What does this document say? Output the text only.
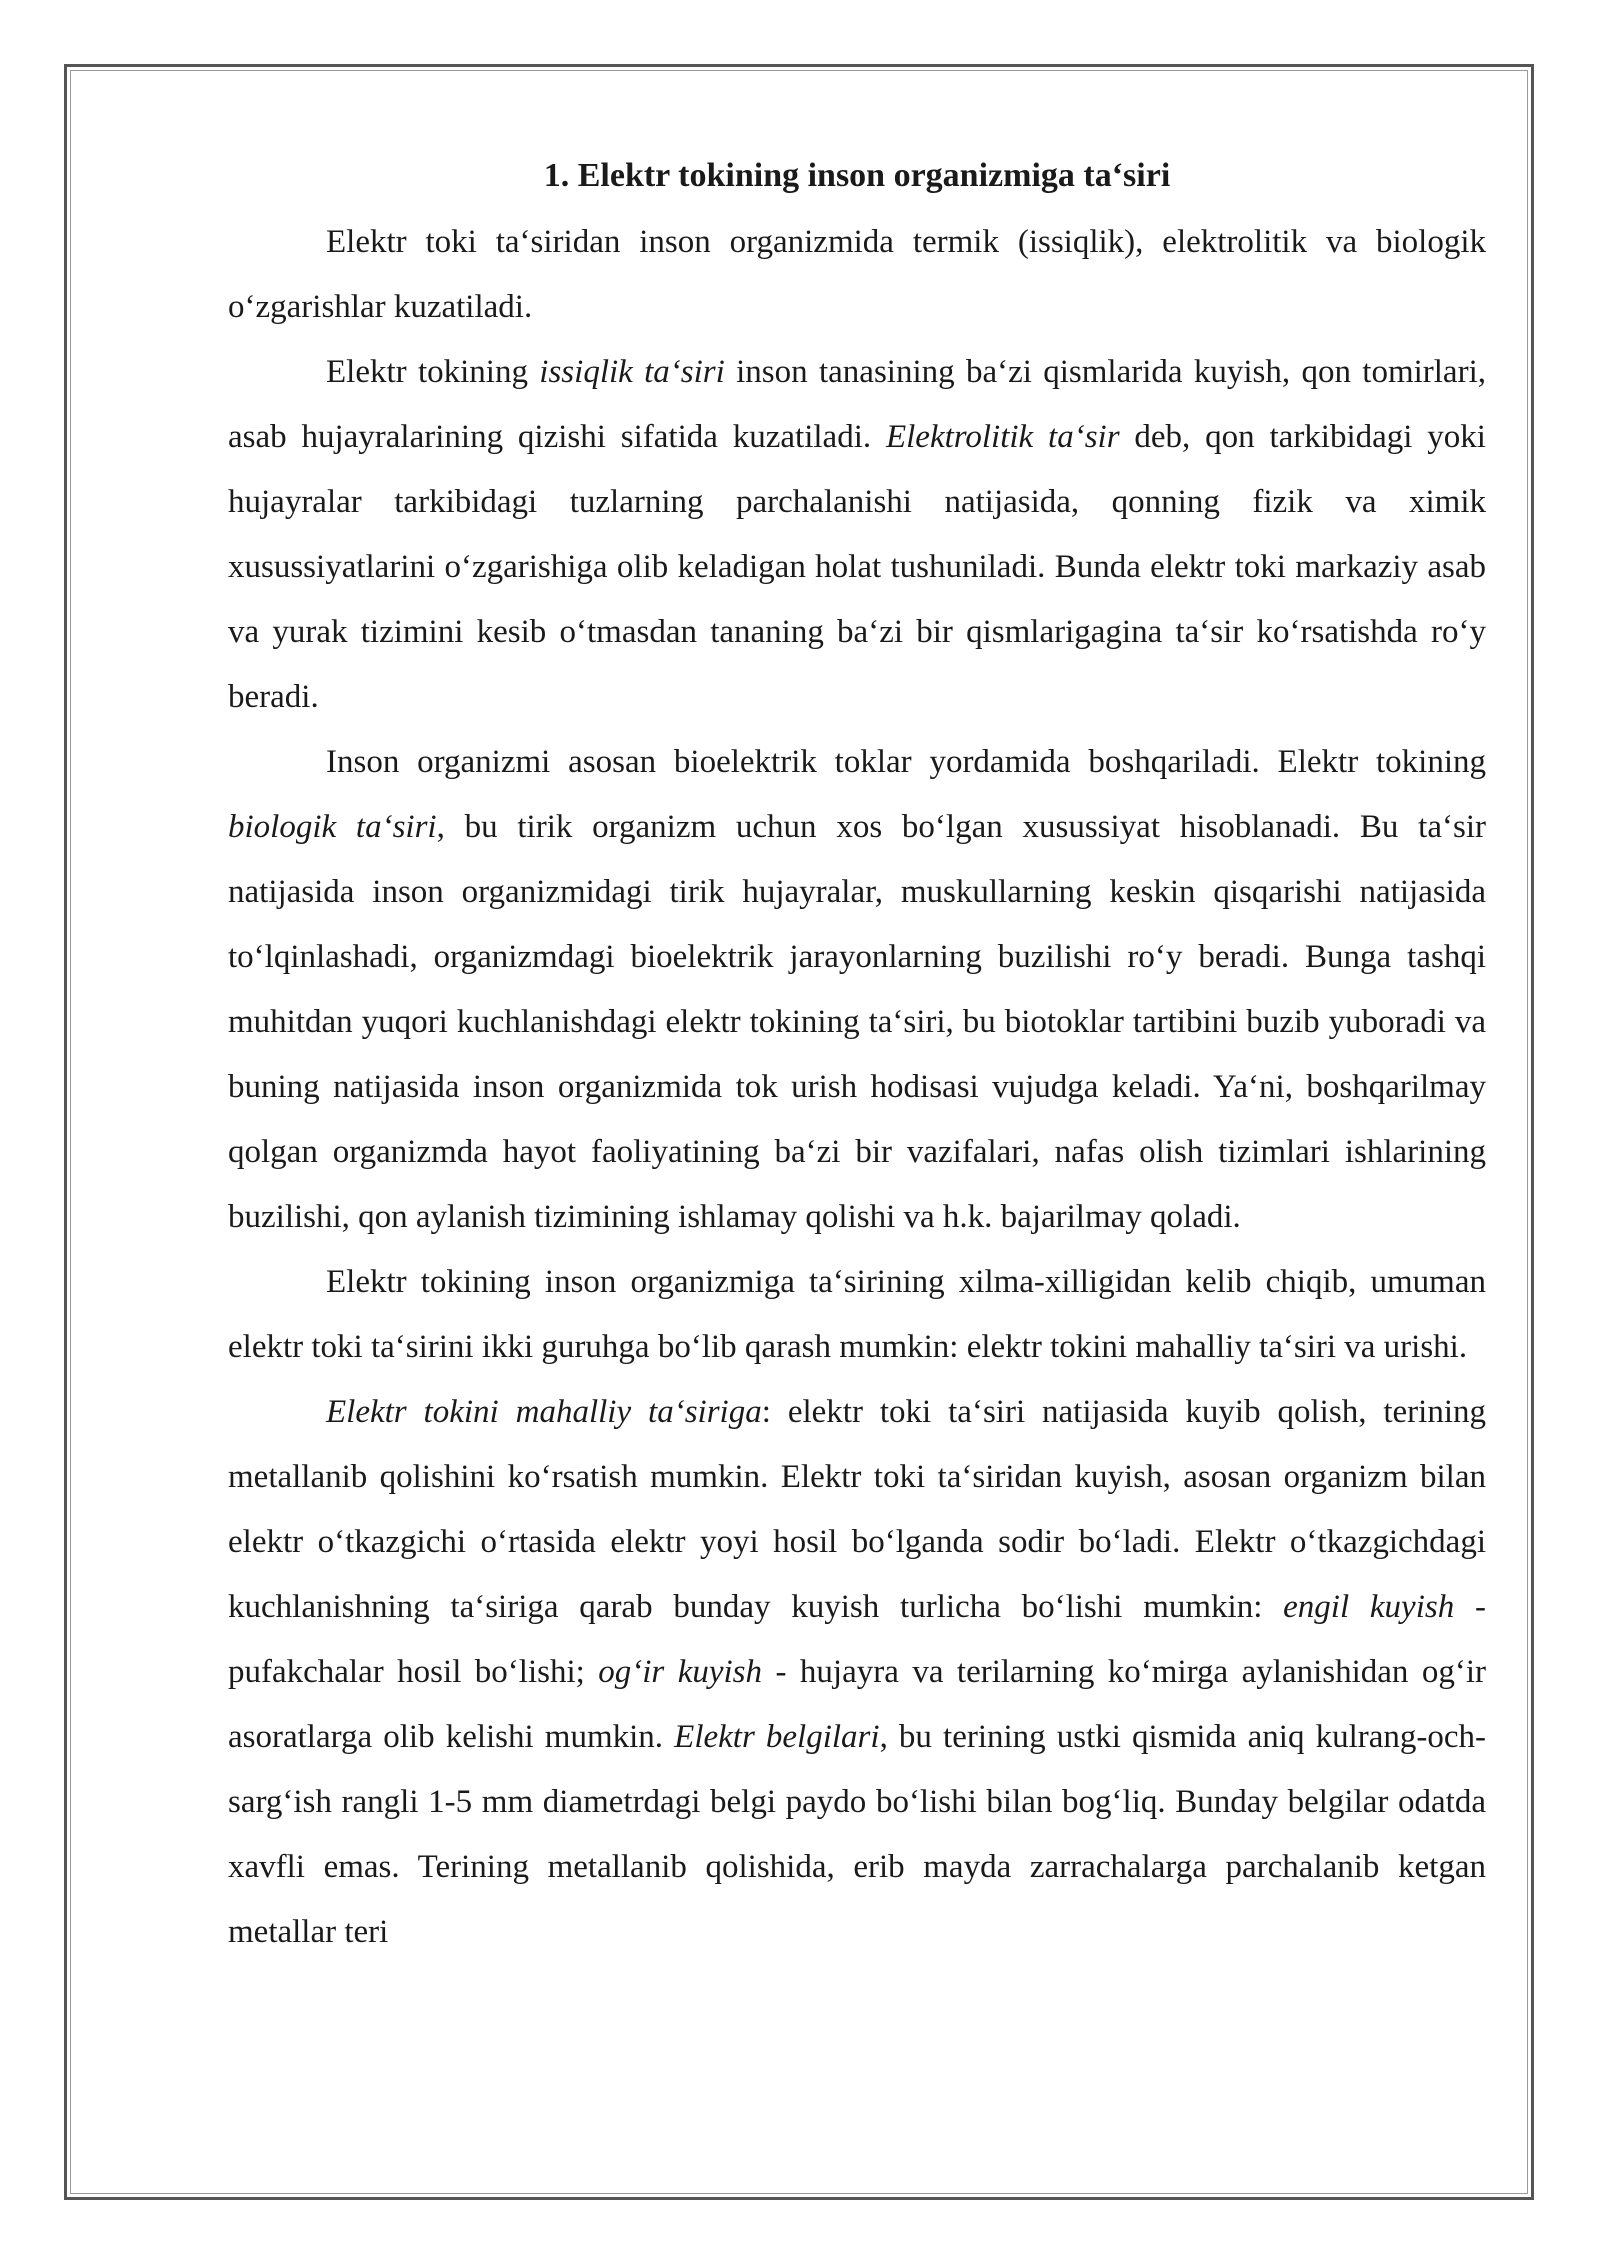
1. Elektr tokining inson organizmiga ta‘siri

Elektr toki ta‘siridan inson organizmida termik (issiqlik), elektrolitik va biologik o‘zgarishlar kuzatiladi.

Elektr tokining issiqlik ta‘siri inson tanasining ba‘zi qismlarida kuyish, qon tomirlari, asab hujayralarining qizishi sifatida kuzatiladi. Elektrolitik ta‘sir deb, qon tarkibidagi yoki hujayralar tarkibidagi tuzlarning parchalanishi natijasida, qonning fizik va ximik xusussiyatlarini o‘zgarishiga olib keladigan holat tushuniladi. Bunda elektr toki markaziy asab va yurak tizimini kesib o‘tmasdan tananing ba‘zi bir qismlarigagina ta‘sir ko‘rsatishda ro‘y beradi.

Inson organizmi asosan bioelektrik toklar yordamida boshqariladi. Elektr tokining biologik ta‘siri, bu tirik organizm uchun xos bo‘lgan xusussiyat hisoblanadi. Bu ta‘sir natijasida inson organizmidagi tirik hujayralar, muskullarning keskin qisqarishi natijasida to‘lqinlashadi, organizmdagi bioelektrik jarayonlarning buzilishi ro‘y beradi. Bunga tashqi muhitdan yuqori kuchlanishdagi elektr tokining ta‘siri, bu biotoklar tartibini buzib yuboradi va buning natijasida inson organizmida tok urish hodisasi vujudga keladi. Ya‘ni, boshqarilmay qolgan organizmda hayot faoliyatining ba‘zi bir vazifalari, nafas olish tizimlari ishlarining buzilishi, qon aylanish tizimining ishlamay qolishi va h.k. bajarilmay qoladi.

Elektr tokining inson organizmiga ta‘sirining xilma-xilligidan kelib chiqib, umuman elektr toki ta‘sirini ikki guruhga bo‘lib qarash mumkin: elektr tokini mahalliy ta‘siri va urishi.

Elektr tokini mahalliy ta‘siriga: elektr toki ta‘siri natijasida kuyib qolish, terining metallanib qolishini ko‘rsatish mumkin. Elektr toki ta‘siridan kuyish, asosan organizm bilan elektr o‘tkazgichi o‘rtasida elektr yoyi hosil bo‘lganda sodir bo‘ladi. Elektr o‘tkazgichdagi kuchlanishning ta‘siriga qarab bunday kuyish turlicha bo‘lishi mumkin: engil kuyish - pufakchalar hosil bo‘lishi; og‘ir kuyish - hujayra va terilarning ko‘mirga aylanishidan og‘ir asoratlarga olib kelishi mumkin. Elektr belgilari, bu terining ustki qismida aniq kulrang-och-sarg‘ish rangli 1-5 mm diametrdagi belgi paydo bo‘lishi bilan bog‘liq. Bunday belgilar odatda xavfli emas. Terining metallanib qolishida, erib mayda zarrachalarga parchalanib ketgan metallar teri
